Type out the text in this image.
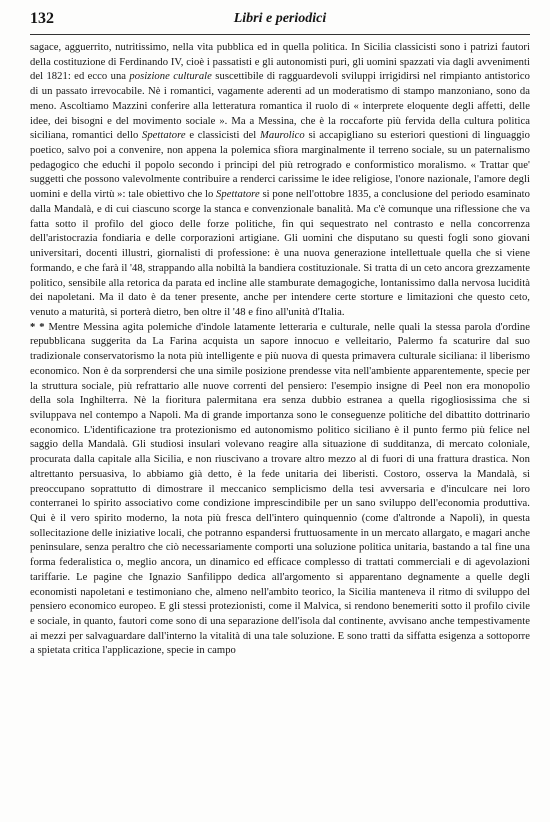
132	Libri e periodici

sagace, agguerrito, nutritissimo, nella vita pubblica ed in quella politica. In Sicilia classicisti sono i patrizi fautori della costituzione di Ferdinando IV, cioè i passatisti e gli autonomisti puri, gli uomini spazzati via dagli avvenimenti del 1821: ed ecco una posizione culturale suscettibile di ragguardevoli sviluppi irrigidirsi nel rimpianto antistorico di un passato irrevocabile. Nè i romantici, vagamente aderenti ad un moderatismo di stampo manzoniano, sono da meno. Ascoltiamo Mazzini conferire alla letteratura romantica il ruolo di « interprete eloquente degli affetti, delle idee, dei bisogni e del movimento sociale ». Ma a Messina, che è la roccaforte più fervida della cultura politica siciliana, romantici dello Spettatore e classicisti del Maurolico si accapigliano su esteriori questioni di linguaggio poetico, salvo poi a convenire, non appena la polemica sfiora marginalmente il terreno sociale, su un paternalismo pedagogico che educhi il popolo secondo i principi del più retrogrado e conformistico moralismo. « Trattar que' suggetti che possono valevolmente contribuire a renderci carissime le idee religiose, l'onore nazionale, l'amore degli uomini e della virtù »: tale obiettivo che lo Spettatore si pone nell'ottobre 1835, a conclusione del periodo esaminato dalla Mandalà, e di cui ciascuno scorge la stanca e convenzionale banalità. Ma c'è comunque una riflessione che va fatta sotto il profilo del gioco delle forze politiche, fin qui sequestrato nel contrasto e nella concorrenza dell'aristocrazia fondiaria e delle corporazioni artigiane. Gli uomini che disputano su questi fogli sono giovani universitari, docenti illustri, giornalisti di professione: è una nuova generazione intellettuale quella che si viene formando, e che farà il '48, strappando alla nobiltà la bandiera costituzionale. Si tratta di un ceto ancora grezzamente politico, sensibile alla retorica da parata ed incline alle stamburate demagogiche, lontanissimo dalla nervosa lucidità dei napoletani. Ma il dato è da tener presente, anche per intendere certe storture e limitazioni che questo ceto, venuto a maturità, si porterà dietro, ben oltre il '48 e fino all'unità d'Italia.

* * Mentre Messina agita polemiche d'indole latamente letteraria e culturale, nelle quali la stessa parola d'ordine repubblicana suggerita da La Farina acquista un sapore innocuo e velleitario, Palermo fa scaturire dal suo tradizionale conservatorismo la nota più intelligente e più nuova di questa primavera culturale siciliana: il liberismo economico. Non è da sorprendersi che una simile posizione prendesse vita nell'ambiente apparentemente, specie per la struttura sociale, più refrattario alle nuove correnti del pensiero: l'esempio insigne di Peel non era monopolio della sola Inghilterra. Nè la fioritura palermitana era senza dubbio estranea a quella rigogliosissima che si sviluppava nel contempo a Napoli. Ma di grande importanza sono le conseguenze politiche del dibattito dottrinario economico. L'identificazione tra protezionismo ed autonomismo politico siciliano è il punto fermo più felice nel saggio della Mandalà. Gli studiosi insulari volevano reagire alla situazione di sudditanza, di mercato coloniale, procurata dalla capitale alla Sicilia, e non riuscivano a trovare altro mezzo al di fuori di una frattura drastica. Non altrettanto persuasiva, lo abbiamo già detto, è la fede unitaria dei liberisti. Costoro, osserva la Mandalà, si preoccupano soprattutto di dimostrare il meccanico semplicismo della tesi avversaria e d'inculcare nei loro conterranei lo spirito associativo come condizione imprescindibile per un sano sviluppo dell'economia produttiva. Qui è il vero spirito moderno, la nota più fresca dell'intero quinquennio (come d'altronde a Napoli), in questa sollecitazione delle iniziative locali, che potranno espandersi fruttuosamente in un mercato allargato, e magari anche peninsulare, senza peraltro che ciò necessariamente comporti una soluzione politica unitaria, bastando a tal fine una forma federalistica o, meglio ancora, un dinamico ed efficace complesso di trattati commerciali e di agevolazioni tariffarie. Le pagine che Ignazio Sanfilippo dedica all'argomento si apparentano degnamente a quelle degli economisti napoletani e testimoniano che, almeno nell'ambito teorico, la Sicilia manteneva il ritmo di sviluppo del pensiero economico europeo. E gli stessi protezionisti, come il Malvica, si rendono benemeriti sotto il profilo civile e sociale, in quanto, fautori come sono di una separazione dell'isola dal continente, avvisano anche tempestivamente ai mezzi per salvaguardare dall'interno la vitalità di una tale soluzione. E sono tratti da siffatta esigenza a sottoporre a spietata critica l'applicazione, specie in campo
